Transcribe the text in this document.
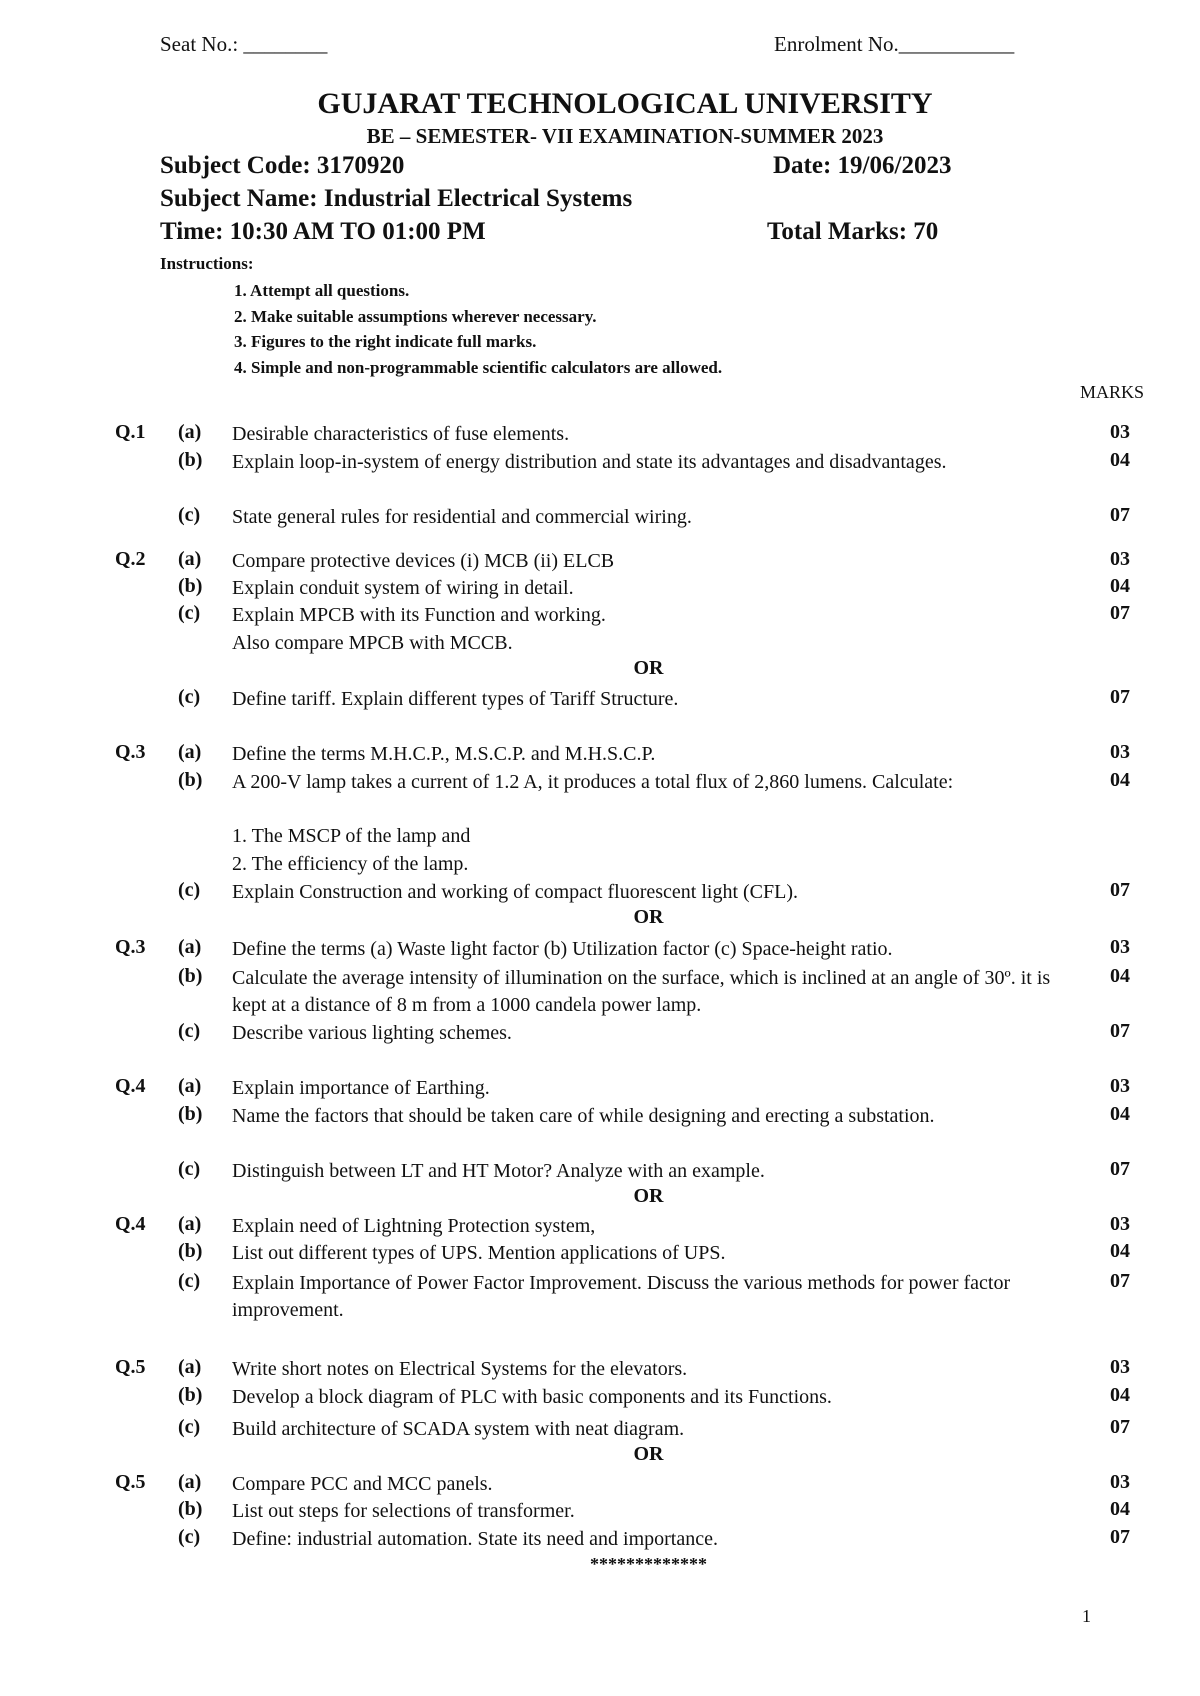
Seat No.: ________	Enrolment No.___________
GUJARAT TECHNOLOGICAL UNIVERSITY
BE – SEMESTER- VII EXAMINATION-SUMMER 2023
Subject Code: 3170920	Date: 19/06/2023
Subject Name: Industrial Electrical Systems
Time: 10:30 AM TO 01:00 PM	Total Marks: 70
Instructions:
1. Attempt all questions.
2. Make suitable assumptions wherever necessary.
3. Figures to the right indicate full marks.
4. Simple and non-programmable scientific calculators are allowed.
MARKS
Q.1 (a) Desirable characteristics of fuse elements.	03
(b) Explain loop-in-system of energy distribution and state its advantages and disadvantages.	04
(c) State general rules for residential and commercial wiring.	07
Q.2 (a) Compare protective devices (i) MCB (ii) ELCB	03
(b) Explain conduit system of wiring in detail.	04
(c) Explain MPCB with its Function and working.	07
Also compare MPCB with MCCB.
OR
(c) Define tariff. Explain different types of Tariff Structure.	07
Q.3 (a) Define the terms M.H.C.P., M.S.C.P. and M.H.S.C.P.	03
(b) A 200-V lamp takes a current of 1.2 A, it produces a total flux of 2,860 lumens. Calculate:	04
1. The MSCP of the lamp and
2. The efficiency of the lamp.
(c) Explain Construction and working of compact fluorescent light (CFL).	07
OR
Q.3 (a) Define the terms (a) Waste light factor (b) Utilization factor (c) Space-height ratio.	03
(b) Calculate the average intensity of illumination on the surface, which is inclined at an angle of 30º. it is kept at a distance of 8 m from a 1000 candela power lamp.
04
(c) Describe various lighting schemes.	07
Q.4 (a) Explain importance of Earthing.	03
(b) Name the factors that should be taken care of while designing and erecting a substation.	04
(c) Distinguish between LT and HT Motor? Analyze with an example.	07
OR
Q.4 (a) Explain need of Lightning Protection system,	03
(b) List out different types of UPS. Mention applications of UPS.	04
(c) Explain Importance of Power Factor Improvement. Discuss the various methods for power factor improvement.
07
Q.5 (a) Write short notes on Electrical Systems for the elevators.	03
(b) Develop a block diagram of PLC with basic components and its Functions.	04
(c) Build architecture of SCADA system with neat diagram.	07
OR
Q.5 (a) Compare PCC and MCC panels.	03
(b) List out steps for selections of transformer.	04
(c) Define: industrial automation. State its need and importance.	07
*************
1
